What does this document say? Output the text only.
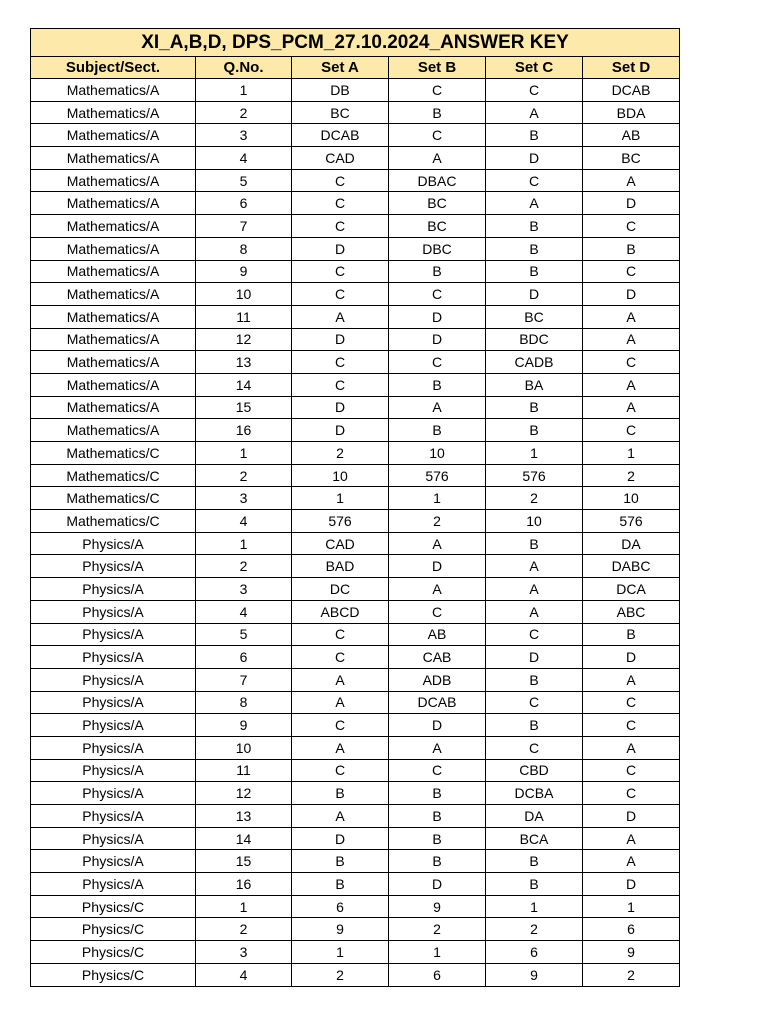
XI_A,B,D, DPS_PCM_27.10.2024_ANSWER KEY					
Subject/Sect.	Q.No.	Set A	Set B	Set C	Set D
Mathematics/A	1	DB	C	C	DCAB
Mathematics/A	2	BC	B	A	BDA
Mathematics/A	3	DCAB	C	B	AB
Mathematics/A	4	CAD	A	D	BC
Mathematics/A	5	C	DBAC	C	A
Mathematics/A	6	C	BC	A	D
Mathematics/A	7	C	BC	B	C
Mathematics/A	8	D	DBC	B	B
Mathematics/A	9	C	B	B	C
Mathematics/A	10	C	C	D	D
Mathematics/A	11	A	D	BC	A
Mathematics/A	12	D	D	BDC	A
Mathematics/A	13	C	C	CADB	C
Mathematics/A	14	C	B	BA	A
Mathematics/A	15	D	A	B	A
Mathematics/A	16	D	B	B	C
Mathematics/C	1	2	10	1	1
Mathematics/C	2	10	576	576	2
Mathematics/C	3	1	1	2	10
Mathematics/C	4	576	2	10	576
Physics/A	1	CAD	A	B	DA
Physics/A	2	BAD	D	A	DABC
Physics/A	3	DC	A	A	DCA
Physics/A	4	ABCD	C	A	ABC
Physics/A	5	C	AB	C	B
Physics/A	6	C	CAB	D	D
Physics/A	7	A	ADB	B	A
Physics/A	8	A	DCAB	C	C
Physics/A	9	C	D	B	C
Physics/A	10	A	A	C	A
Physics/A	11	C	C	CBD	C
Physics/A	12	B	B	DCBA	C
Physics/A	13	A	B	DA	D
Physics/A	14	D	B	BCA	A
Physics/A	15	B	B	B	A
Physics/A	16	B	D	B	D
Physics/C	1	6	9	1	1
Physics/C	2	9	2	2	6
Physics/C	3	1	1	6	9
Physics/C	4	2	6	9	2
